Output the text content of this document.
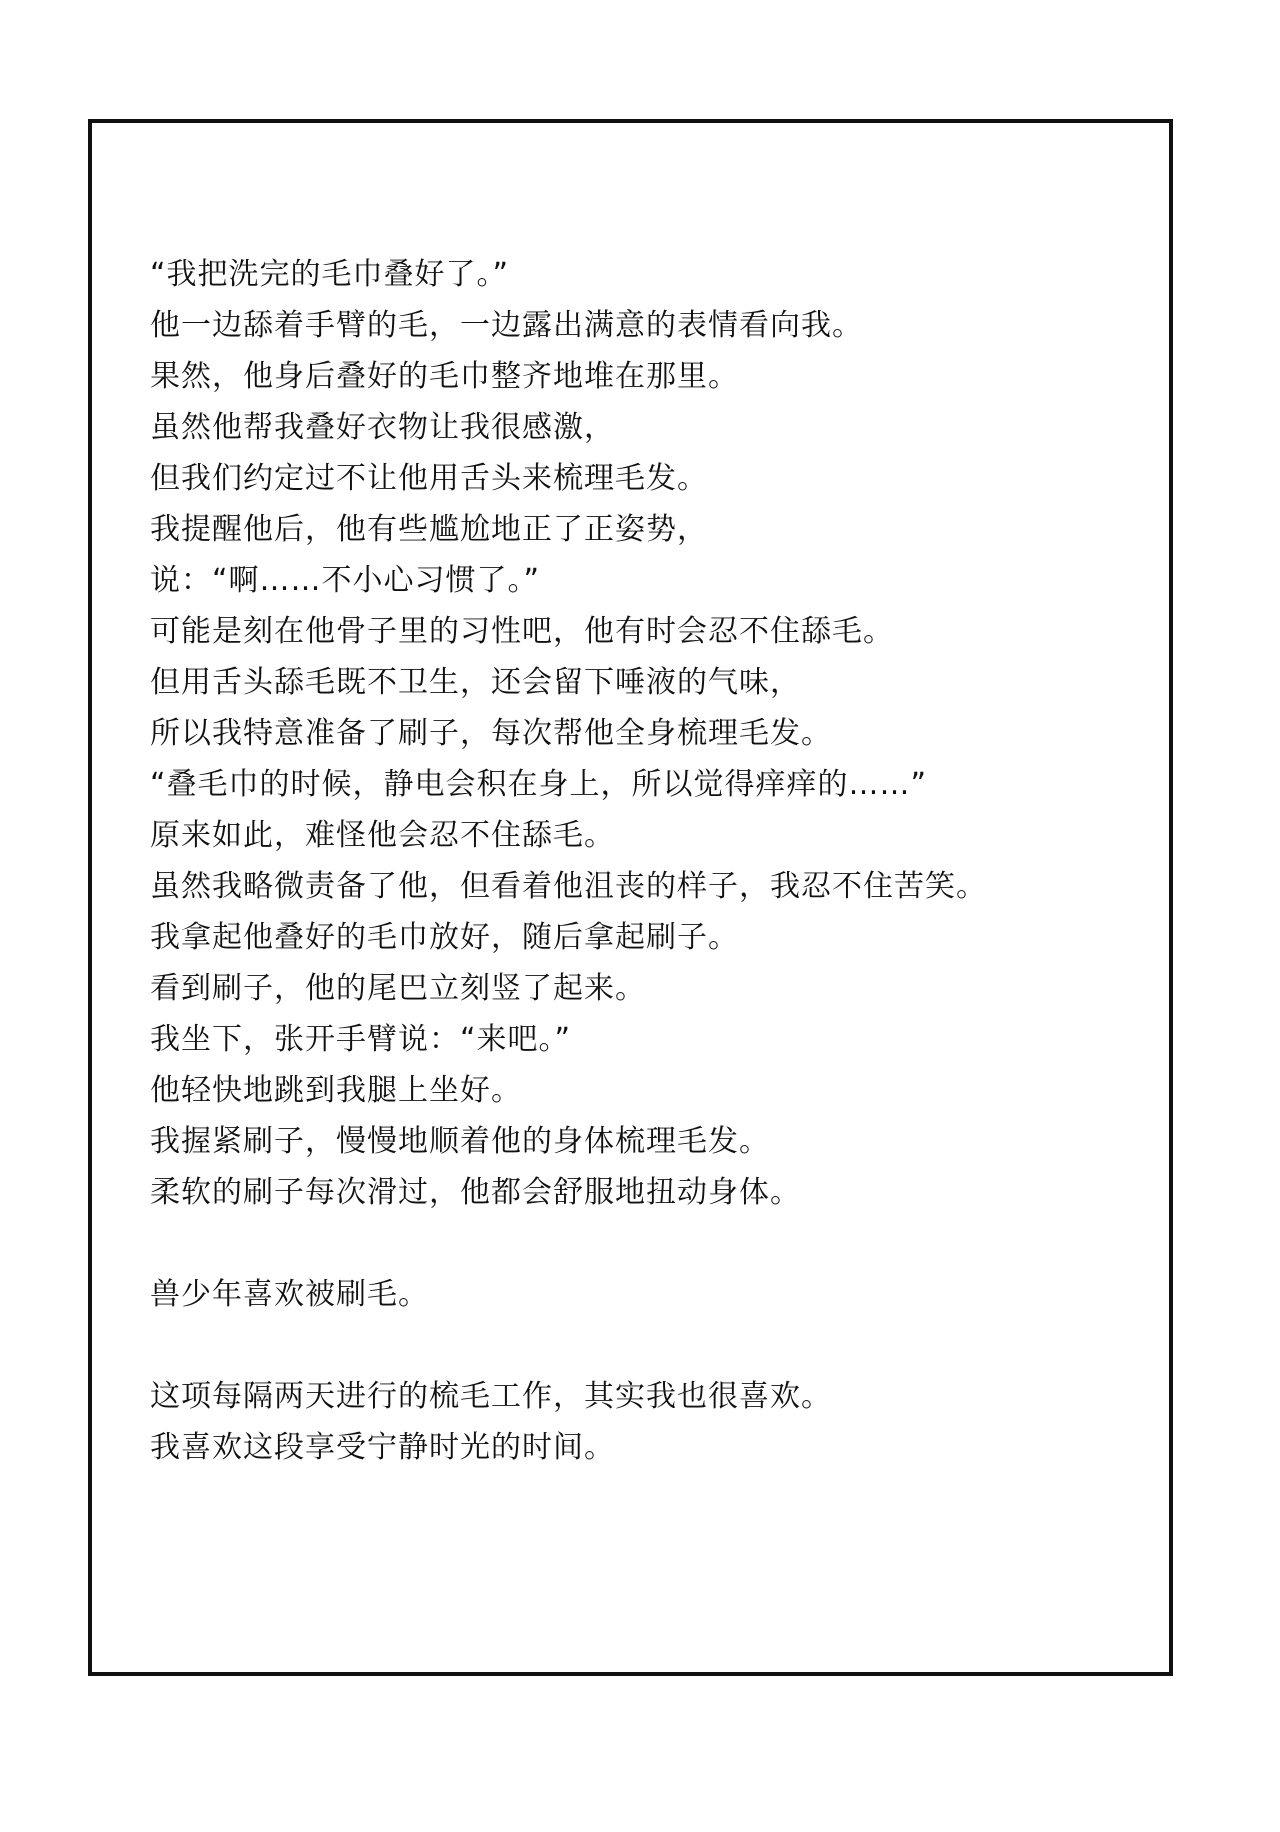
“我把洗完的毛巾叠好了。”
他一边舔着手臂的毛，一边露出满意的表情看向我。
果然，他身后叠好的毛巾整齐地堆在那里。
虽然他帮我叠好衣物让我很感激，
但我们约定过不让他用舌头来梳理毛发。
我提醒他后，他有些尴尬地正了正姿势，
说：“啊……不小心习惯了。”
可能是刻在他骨子里的习性吧，他有时会忍不住舔毛。
但用舌头舔毛既不卫生，还会留下唾液的气味，
所以我特意准备了刷子，每次帮他全身梳理毛发。
“叠毛巾的时候，静电会积在身上，所以觉得痒痒的……”
原来如此，难怪他会忍不住舔毛。
虽然我略微责备了他，但看着他沮丧的样子，我忍不住苦笑。
我拿起他叠好的毛巾放好，随后拿起刷子。
看到刷子，他的尾巴立刻竖了起来。
我坐下，张开手臂说：“来吧。”
他轻快地跳到我腿上坐好。
我握紧刷子，慢慢地顺着他的身体梳理毛发。
柔软的刷子每次滑过，他都会舒服地扭动身体。
兽少年喜欢被刷毛。
这项每隔两天进行的梳毛工作，其实我也很喜欢。
我喜欢这段享受宁静时光的时间。
